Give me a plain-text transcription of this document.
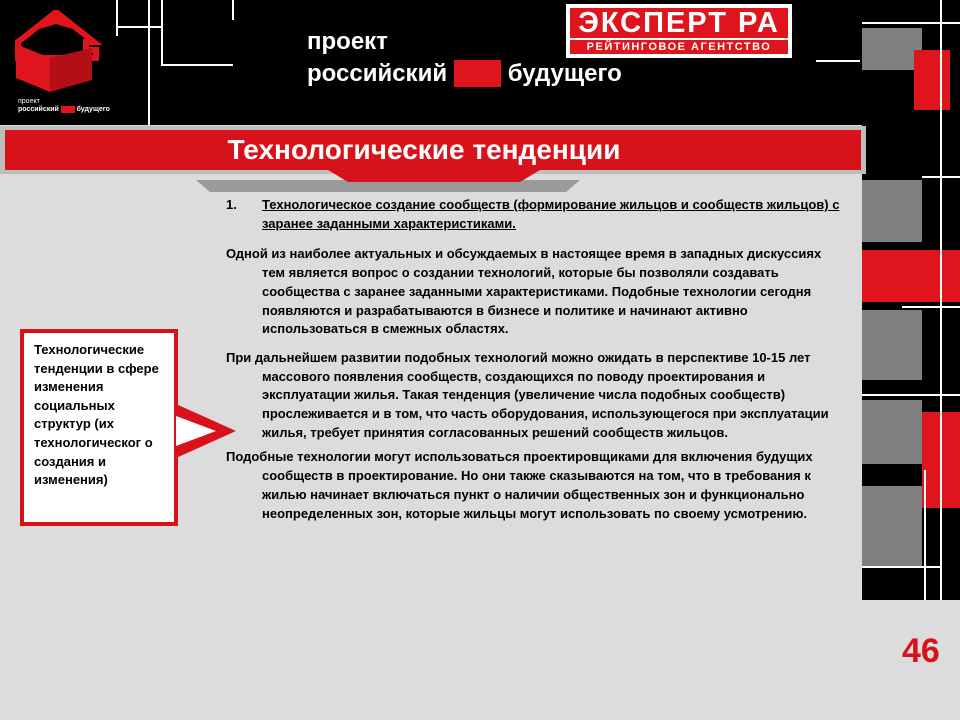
проект
российский дом будущего
проект
российский дом будущего
ЭКСПЕРТ РА
РЕЙТИНГОВОЕ АГЕНТСТВО
Технологические тенденции
Технологические тенденции в сфере изменения социальных структур (их технологическог о создания и изменения)
1. Технологическое создание сообществ (формирование жильцов и сообществ жильцов) с заранее заданными характеристиками.
Одной из наиболее актуальных и обсуждаемых в настоящее время в западных дискуссиях тем является вопрос о создании технологий, которые бы позволяли создавать сообщества с заранее заданными характеристиками. Подобные технологии сегодня появляются и разрабатываются в бизнесе и политике и начинают активно использоваться в смежных областях.
При дальнейшем развитии подобных технологий можно ожидать в перспективе 10-15 лет массового появления сообществ, создающихся по поводу проектирования и эксплуатации жилья. Такая тенденция (увеличение числа подобных сообществ) прослеживается и в том, что часть оборудования, использующегося при эксплуатации жилья, требует принятия согласованных решений сообществ жильцов.
Подобные технологии могут использоваться проектировщиками для включения будущих сообществ в проектирование. Но они также сказываются на том, что в требования к жилью начинает включаться пункт о наличии общественных зон и функционально неопределенных зон, которые жильцы могут использовать по своему усмотрению.
46
